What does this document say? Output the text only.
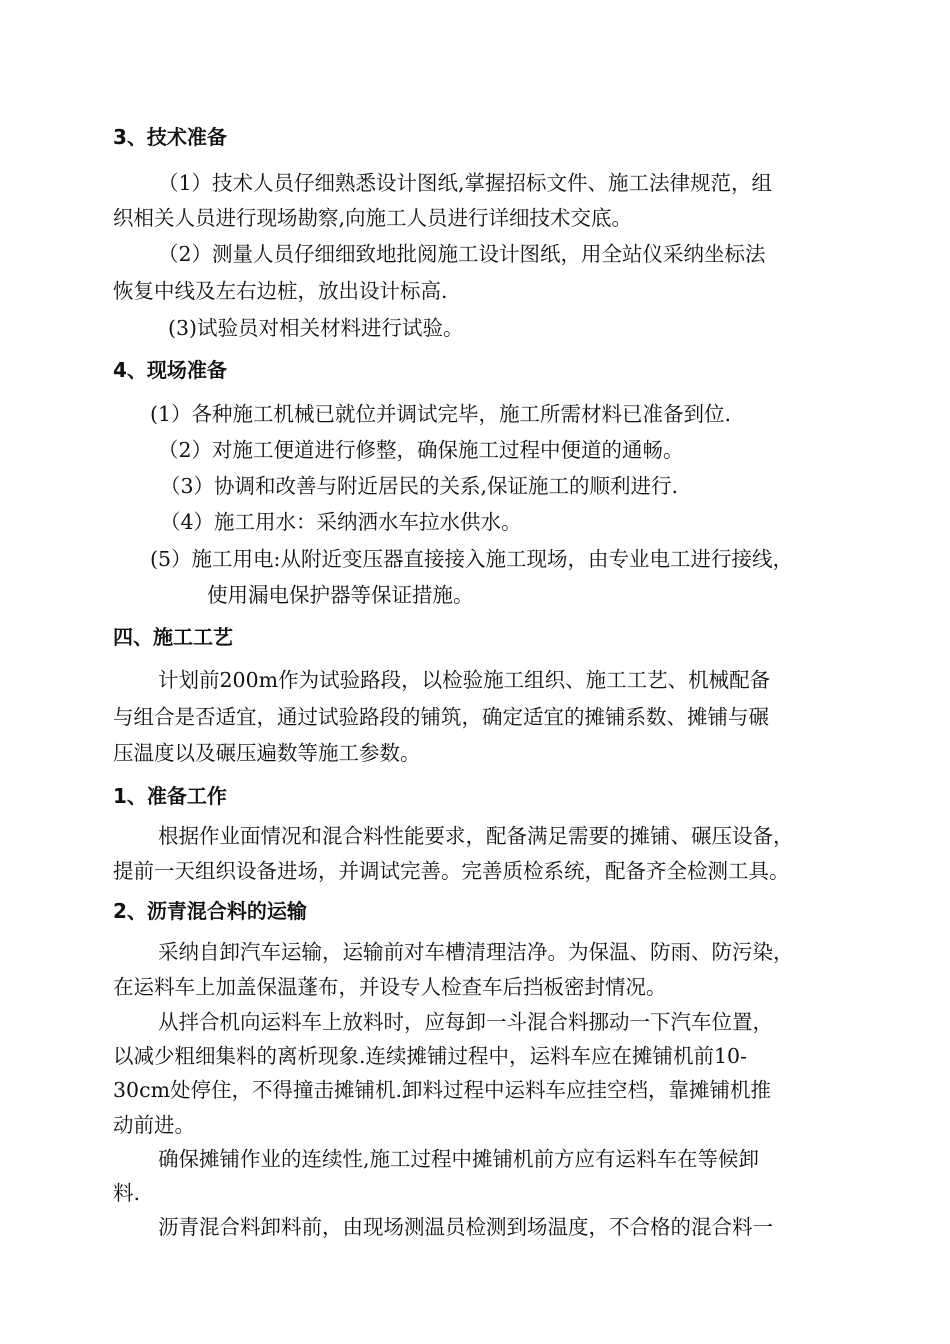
3、技术准备
（1）技术人员仔细熟悉设计图纸,掌握招标文件、施工法律规范，组
织相关人员进行现场勘察,向施工人员进行详细技术交底。
（2）测量人员仔细细致地批阅施工设计图纸，用全站仪采纳坐标法
恢复中线及左右边桩，放出设计标高.
(3)试验员对相关材料进行试验。
4、现场准备
(1）各种施工机械已就位并调试完毕，施工所需材料已准备到位.
（2）对施工便道进行修整，确保施工过程中便道的通畅。
（3）协调和改善与附近居民的关系,保证施工的顺利进行.
（4）施工用水：采纳洒水车拉水供水。
(5）施工用电:从附近变压器直接接入施工现场，由专业电工进行接线，
使用漏电保护器等保证措施。
四、施工工艺
计划前200m作为试验路段，以检验施工组织、施工工艺、机械配备
与组合是否适宜，通过试验路段的铺筑，确定适宜的摊铺系数、摊铺与碾
压温度以及碾压遍数等施工参数。
1、准备工作
根据作业面情况和混合料性能要求，配备满足需要的摊铺、碾压设备，
提前一天组织设备进场，并调试完善。完善质检系统，配备齐全检测工具。
2、沥青混合料的运输
采纳自卸汽车运输，运输前对车槽清理洁净。为保温、防雨、防污染，
在运料车上加盖保温蓬布，并设专人检查车后挡板密封情况。
从拌合机向运料车上放料时，应每卸一斗混合料挪动一下汽车位置，
以减少粗细集料的离析现象.连续摊铺过程中，运料车应在摊铺机前10-
30cm处停住，不得撞击摊铺机.卸料过程中运料车应挂空档，靠摊铺机推
动前进。
确保摊铺作业的连续性,施工过程中摊铺机前方应有运料车在等候卸
料.
沥青混合料卸料前，由现场测温员检测到场温度，不合格的混合料一
